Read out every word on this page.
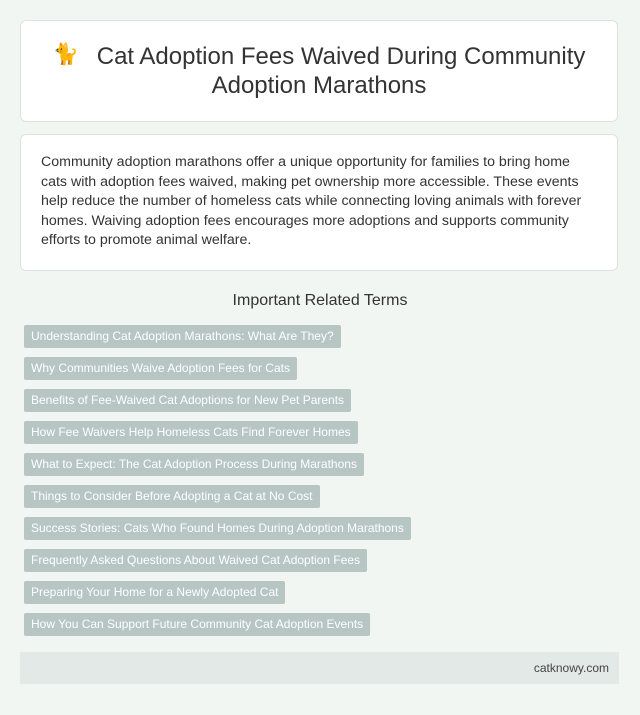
🐈 Cat Adoption Fees Waived During Community Adoption Marathons
Community adoption marathons offer a unique opportunity for families to bring home cats with adoption fees waived, making pet ownership more accessible. These events help reduce the number of homeless cats while connecting loving animals with forever homes. Waiving adoption fees encourages more adoptions and supports community efforts to promote animal welfare.
Important Related Terms
Understanding Cat Adoption Marathons: What Are They?
Why Communities Waive Adoption Fees for Cats
Benefits of Fee-Waived Cat Adoptions for New Pet Parents
How Fee Waivers Help Homeless Cats Find Forever Homes
What to Expect: The Cat Adoption Process During Marathons
Things to Consider Before Adopting a Cat at No Cost
Success Stories: Cats Who Found Homes During Adoption Marathons
Frequently Asked Questions About Waived Cat Adoption Fees
Preparing Your Home for a Newly Adopted Cat
How You Can Support Future Community Cat Adoption Events
catknowy.com
